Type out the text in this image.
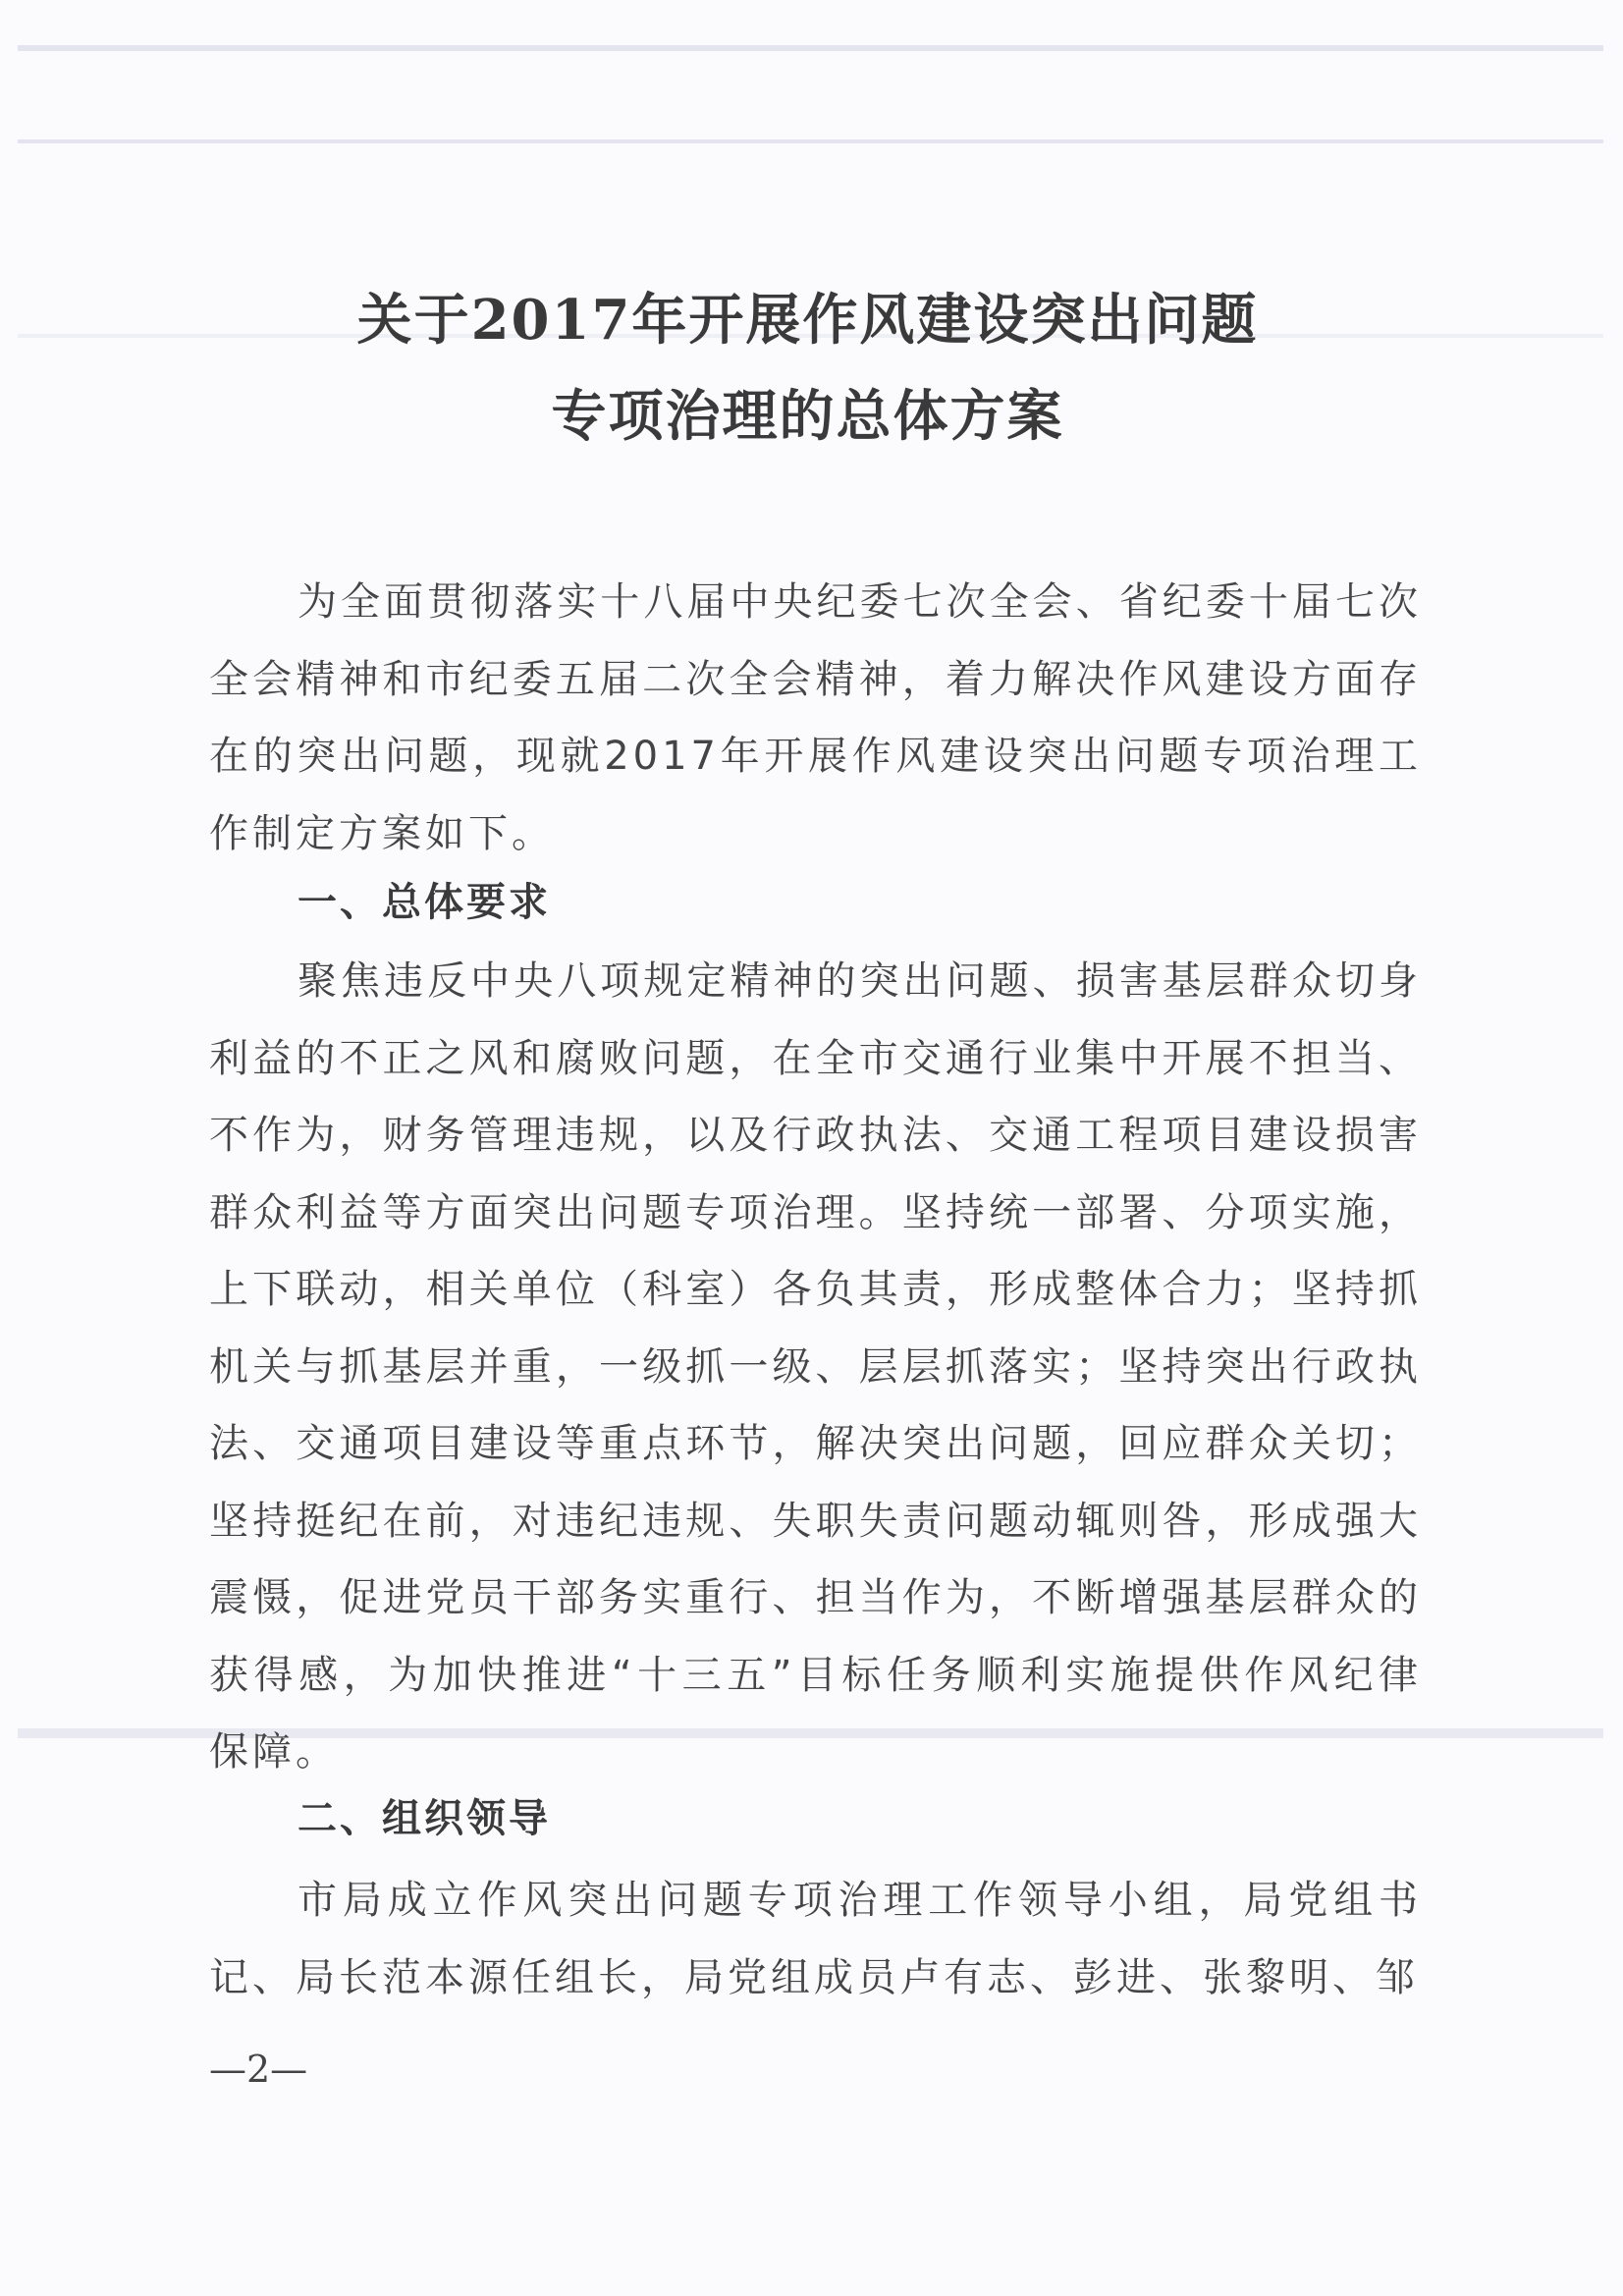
关于2017年开展作风建设突出问题
专项治理的总体方案

为全面贯彻落实十八届中央纪委七次全会、省纪委十届七次全会精神和市纪委五届二次全会精神，着力解决作风建设方面存在的突出问题，现就2017年开展作风建设突出问题专项治理工作制定方案如下。

一、总体要求

聚焦违反中央八项规定精神的突出问题、损害基层群众切身利益的不正之风和腐败问题，在全市交通行业集中开展不担当、不作为，财务管理违规，以及行政执法、交通工程项目建设损害群众利益等方面突出问题专项治理。坚持统一部署、分项实施，上下联动，相关单位（科室）各负其责，形成整体合力；坚持抓机关与抓基层并重，一级抓一级、层层抓落实；坚持突出行政执法、交通项目建设等重点环节，解决突出问题，回应群众关切；坚持挺纪在前，对违纪违规、失职失责问题动辄则咎，形成强大震慑，促进党员干部务实重行、担当作为，不断增强基层群众的获得感，为加快推进“十三五”目标任务顺利实施提供作风纪律保障。

二、组织领导

市局成立作风突出问题专项治理工作领导小组，局党组书记、局长范本源任组长，局党组成员卢有志、彭进、张黎明、邹

—2—
